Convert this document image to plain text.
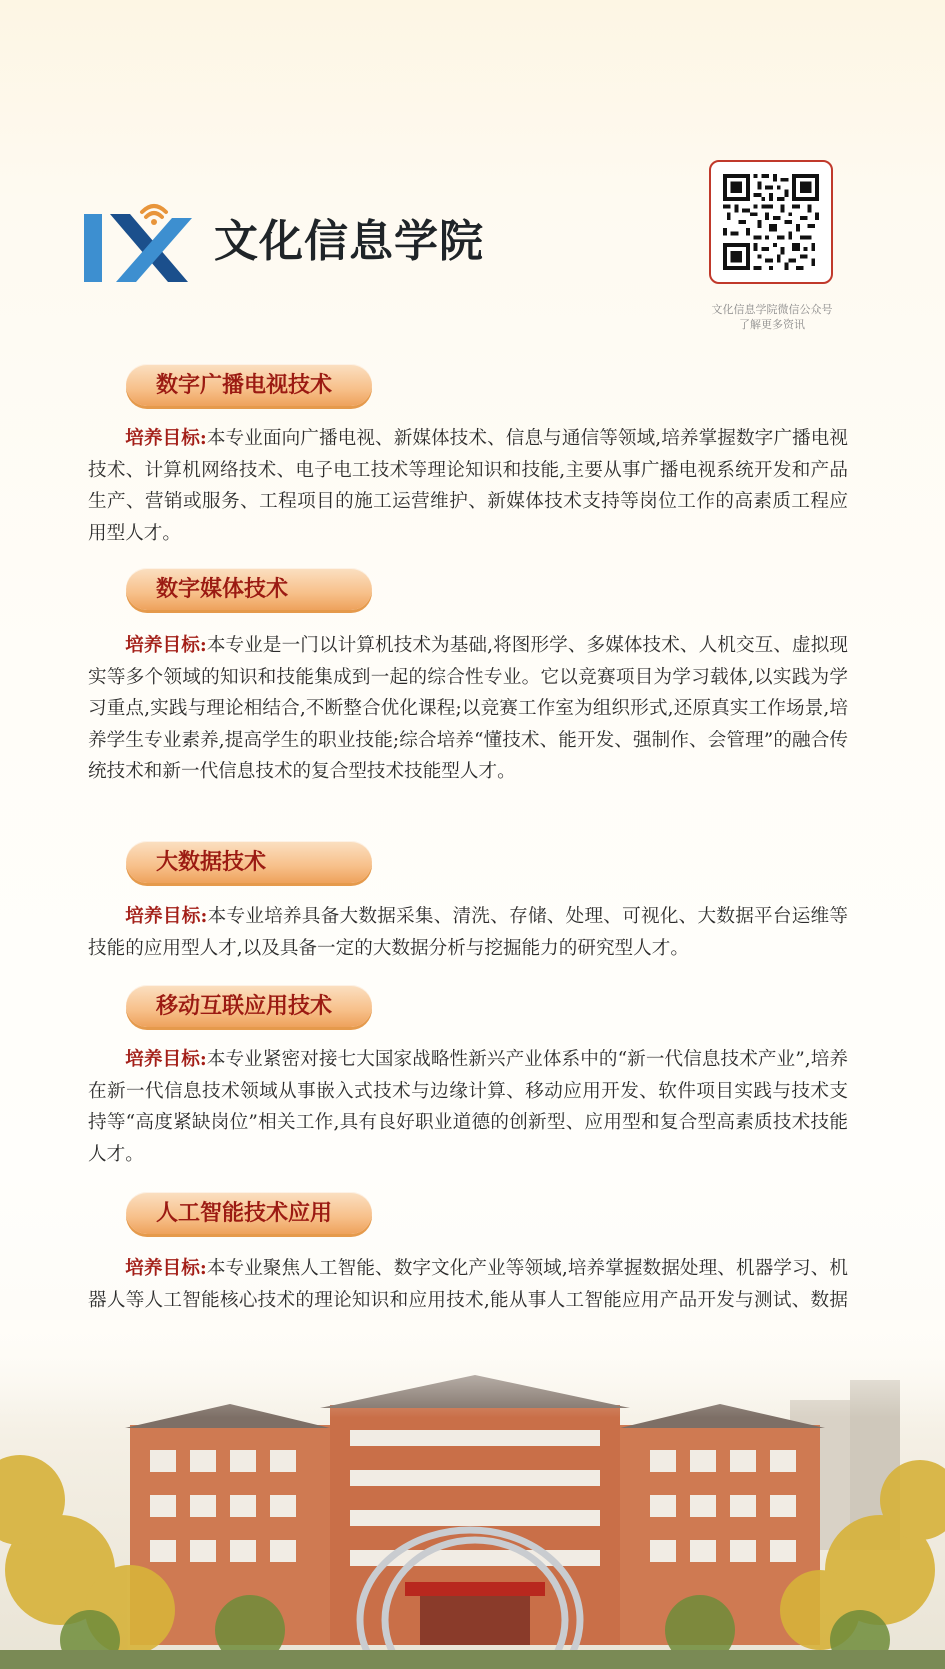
文化信息学院
文化信息学院微信公众号
了解更多资讯
数字广播电视技术
培养目标:本专业面向广播电视、新媒体技术、信息与通信等领域,培养掌握数字广播电视技术、计算机网络技术、电子电工技术等理论知识和技能,主要从事广播电视系统开发和产品生产、营销或服务、工程项目的施工运营维护、新媒体技术支持等岗位工作的高素质工程应用型人才。
数字媒体技术
培养目标:本专业是一门以计算机技术为基础,将图形学、多媒体技术、人机交互、虚拟现实等多个领域的知识和技能集成到一起的综合性专业。它以竞赛项目为学习载体,以实践为学习重点,实践与理论相结合,不断整合优化课程;以竞赛工作室为组织形式,还原真实工作场景,培养学生专业素养,提高学生的职业技能;综合培养“懂技术、能开发、强制作、会管理”的融合传统技术和新一代信息技术的复合型技术技能型人才。
大数据技术
培养目标:本专业培养具备大数据采集、清洗、存储、处理、可视化、大数据平台运维等技能的应用型人才,以及具备一定的大数据分析与挖掘能力的研究型人才。
移动互联应用技术
培养目标:本专业紧密对接七大国家战略性新兴产业体系中的“新一代信息技术产业”,培养在新一代信息技术领域从事嵌入式技术与边缘计算、移动应用开发、软件项目实践与技术支持等“高度紧缺岗位”相关工作,具有良好职业道德的创新型、应用型和复合型高素质技术技能人才。
人工智能技术应用
培养目标:本专业聚焦人工智能、数字文化产业等领域,培养掌握数据处理、机器学习、机器人等人工智能核心技术的理论知识和应用技术,能从事人工智能应用产品开发与测试、数据
